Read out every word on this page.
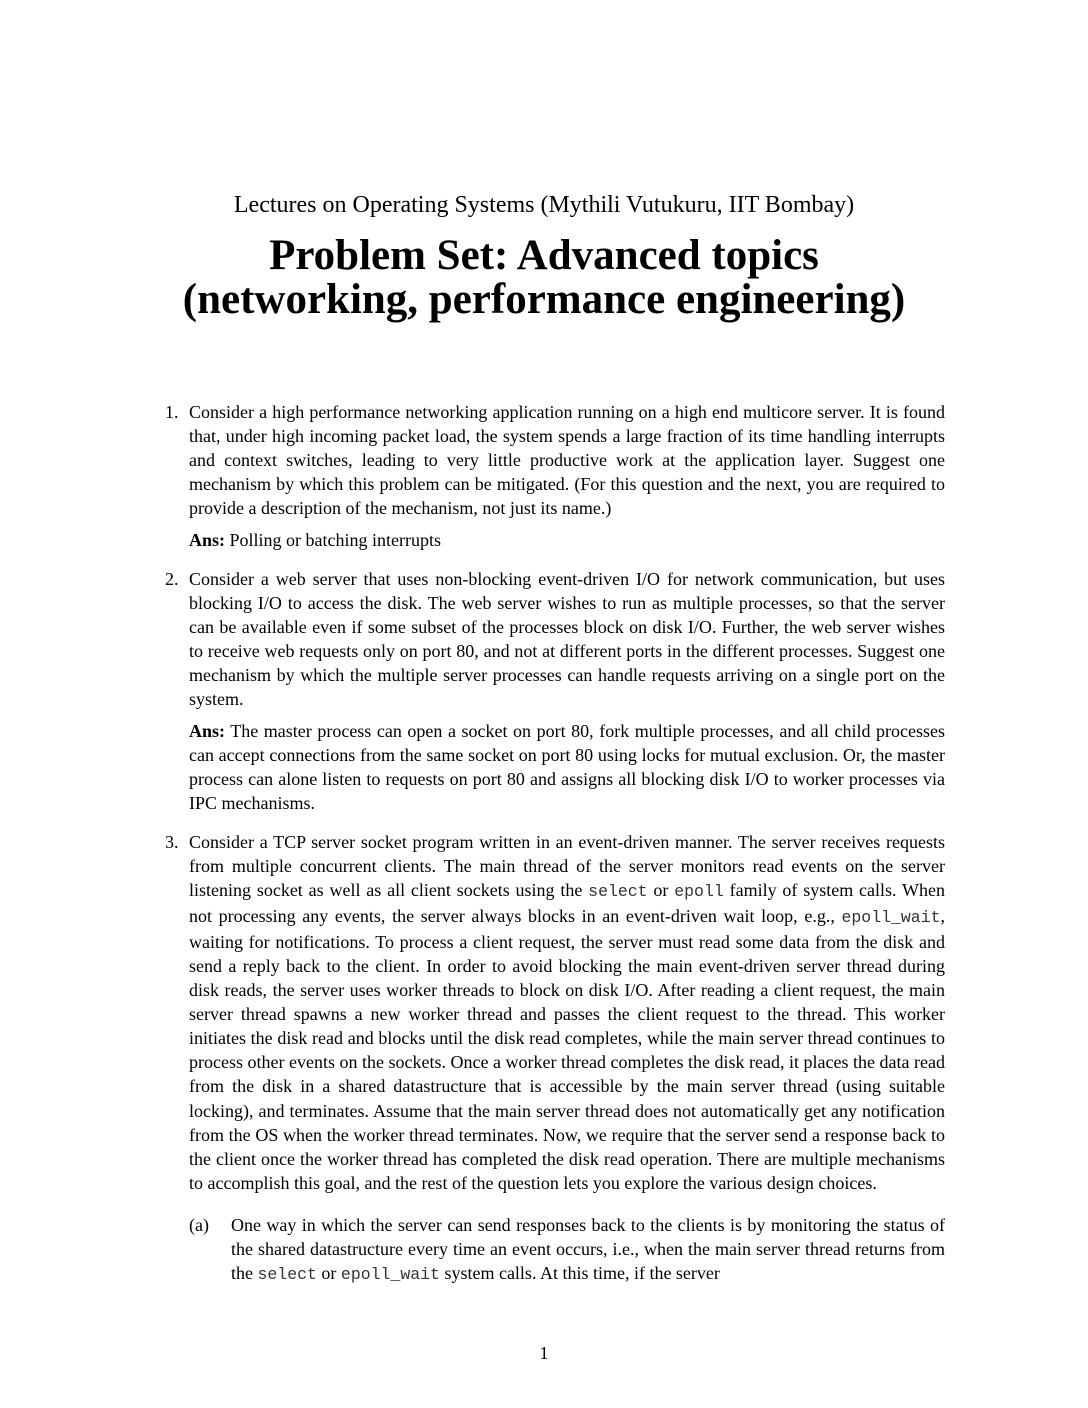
Lectures on Operating Systems (Mythili Vutukuru, IIT Bombay)
Problem Set: Advanced topics
(networking, performance engineering)
1. Consider a high performance networking application running on a high end multicore server. It is found that, under high incoming packet load, the system spends a large fraction of its time handling interrupts and context switches, leading to very little productive work at the application layer. Suggest one mechanism by which this problem can be mitigated. (For this question and the next, you are required to provide a description of the mechanism, not just its name.)

Ans: Polling or batching interrupts

2. Consider a web server that uses non-blocking event-driven I/O for network communication, but uses blocking I/O to access the disk. The web server wishes to run as multiple processes, so that the server can be available even if some subset of the processes block on disk I/O. Further, the web server wishes to receive web requests only on port 80, and not at different ports in the different processes. Suggest one mechanism by which the multiple server processes can handle requests arriving on a single port on the system.

Ans: The master process can open a socket on port 80, fork multiple processes, and all child processes can accept connections from the same socket on port 80 using locks for mutual exclusion. Or, the master process can alone listen to requests on port 80 and assigns all blocking disk I/O to worker processes via IPC mechanisms.

3. Consider a TCP server socket program written in an event-driven manner. The server receives requests from multiple concurrent clients. The main thread of the server monitors read events on the server listening socket as well as all client sockets using the select or epoll family of system calls. When not processing any events, the server always blocks in an event-driven wait loop, e.g., epoll_wait, waiting for notifications. To process a client request, the server must read some data from the disk and send a reply back to the client. In order to avoid blocking the main event-driven server thread during disk reads, the server uses worker threads to block on disk I/O. After reading a client request, the main server thread spawns a new worker thread and passes the client request to the thread. This worker initiates the disk read and blocks until the disk read completes, while the main server thread continues to process other events on the sockets. Once a worker thread completes the disk read, it places the data read from the disk in a shared datastructure that is accessible by the main server thread (using suitable locking), and terminates. Assume that the main server thread does not automatically get any notification from the OS when the worker thread terminates. Now, we require that the server send a response back to the client once the worker thread has completed the disk read operation. There are multiple mechanisms to accomplish this goal, and the rest of the question lets you explore the various design choices.

(a) One way in which the server can send responses back to the clients is by monitoring the status of the shared datastructure every time an event occurs, i.e., when the main server thread returns from the select or epoll_wait system calls. At this time, if the server

1
